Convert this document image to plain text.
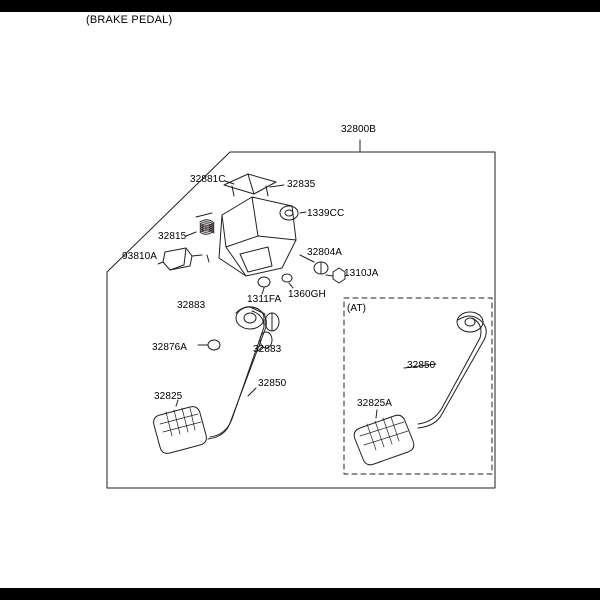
(BRAKE PEDAL)
32800B
32881C	32835
1339CC
32815
93810A	32804A
1310JA
1311FA 1360GH
32883	(AT)
32876A	32883
32850
32850
32825
32825A
